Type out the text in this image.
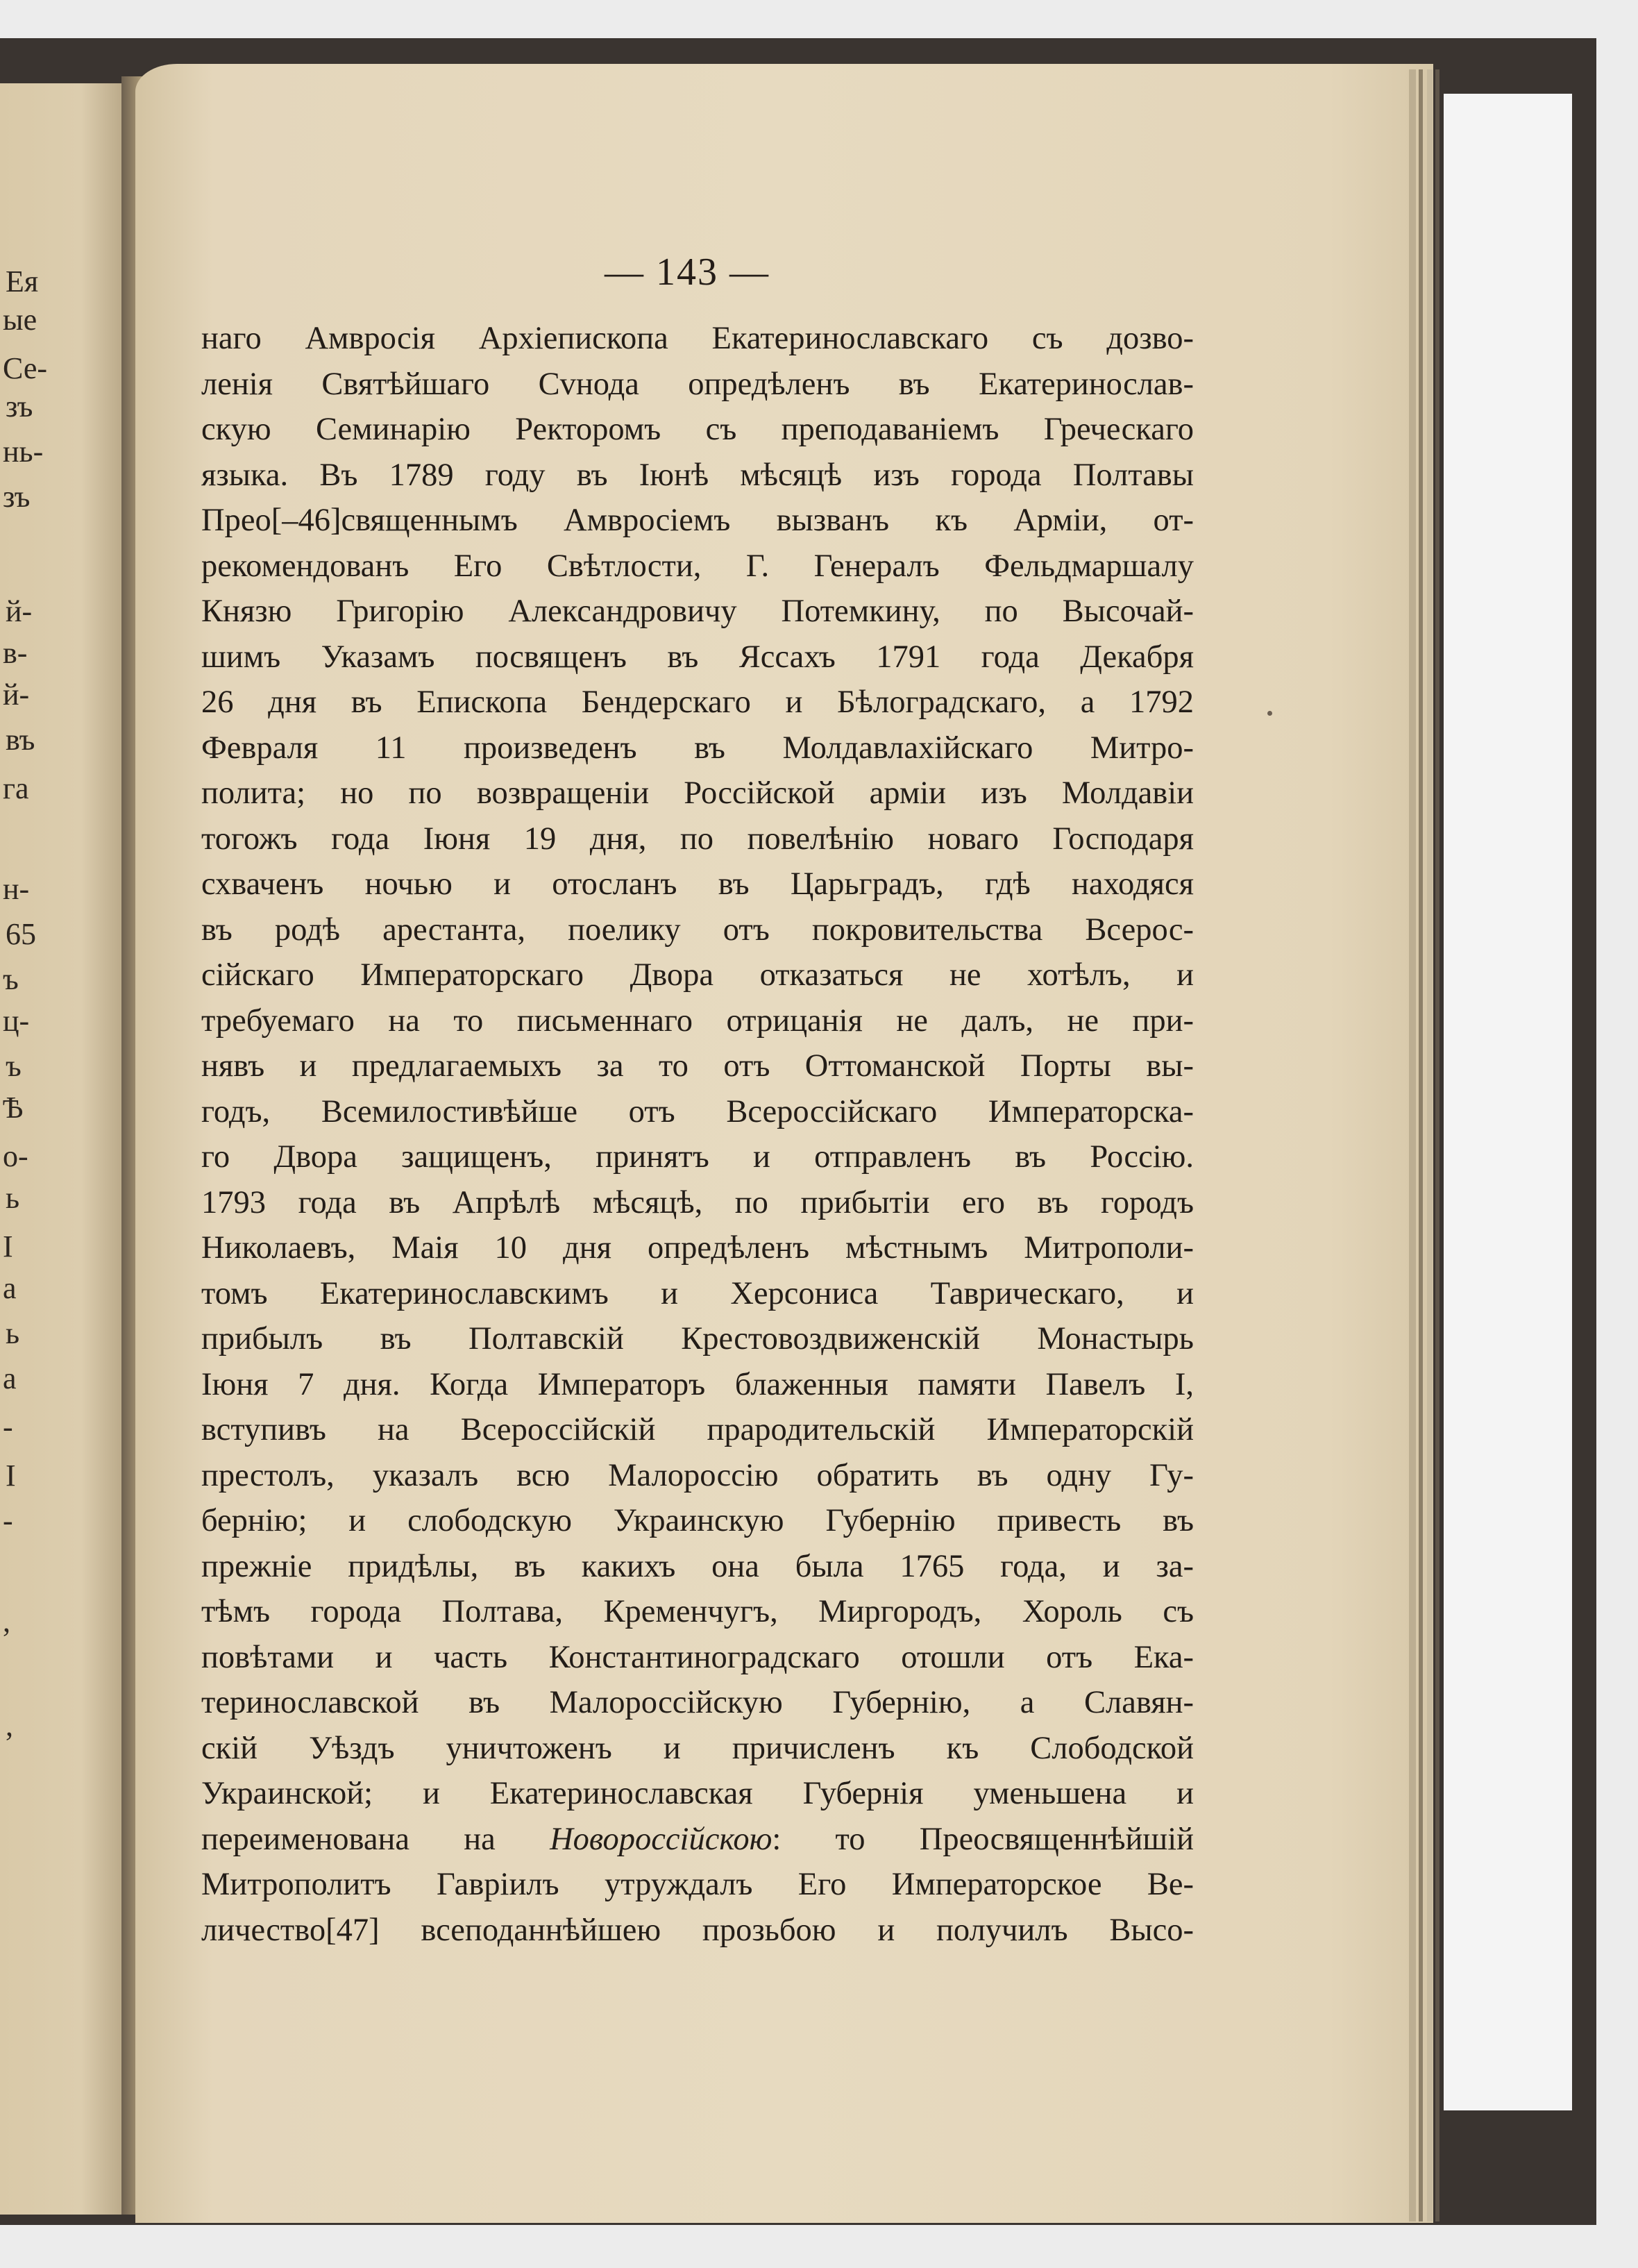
Ея
ые
Се-
зъ
нь-
зъ
й-
в-
й-
въ
га
н-
65
ъ
ц-
ъ
Ѣ
о-
ь
I
а
ь
а
-
I
-
,
,
— 143 —
наго Амвросія Архіепископа Екатеринославскаго съ дозво-
ленія Святѣйшаго Сvнода опредѣленъ въ Екатеринослав-
скую Семинарію Ректоромъ съ преподаваніемъ Греческаго
языка. Въ 1789 году въ Іюнѣ мѣсяцѣ изъ города Полтавы
Прео[–46]священнымъ Амвросіемъ вызванъ къ Арміи, от-
рекомендованъ Его Свѣтлости, Г. Генералъ Фельдмаршалу
Князю Григорію Александровичу Потемкину, по Высочай-
шимъ Указамъ посвященъ въ Яссахъ 1791 года Декабря
26 дня въ Епископа Бендерскаго и Бѣлоградскаго, а 1792
Февраля 11 произведенъ въ Молдавлахійскаго Митро-
полита; но по возвращеніи Россійской арміи изъ Молдавіи
тогожъ года Іюня 19 дня, по повелѣнію новаго Господаря
схваченъ ночью и отосланъ въ Царьградъ, гдѣ находяся
въ родѣ арестанта, поелику отъ покровительства Всерос-
сійскаго Императорскаго Двора отказаться не хотѣлъ, и
требуемаго на то письменнаго отрицанія не далъ, не при-
нявъ и предлагаемыхъ за то отъ Оттоманской Порты вы-
годъ, Всемилостивѣйше отъ Всероссійскаго Императорска-
го Двора защищенъ, принятъ и отправленъ въ Россію.
1793 года въ Апрѣлѣ мѣсяцѣ, по прибытіи его въ городъ
Николаевъ, Маія 10 дня опредѣленъ мѣстнымъ Митрополи-
томъ Екатеринославскимъ и Херсониса Таврическаго, и
прибылъ въ Полтавскій Крестовоздвиженскій Монастырь
Іюня 7 дня. Когда Императоръ блаженныя памяти Павелъ I,
вступивъ на Всероссійскій прародительскій Императорскій
престолъ, указалъ всю Малороссію обратить въ одну Гу-
бернію; и слободскую Украинскую Губернію привесть въ
прежніе придѣлы, въ какихъ она была 1765 года, и за-
тѣмъ города Полтава, Кременчугъ, Миргородъ, Хороль съ
повѣтами и часть Константиноградскаго отошли отъ Ека-
теринославской въ Малороссійскую Губернію, а Славян-
скій Уѣздъ уничтоженъ и причисленъ къ Слободской
Украинской; и Екатеринославская Губернія уменьшена и
переименована на Новороссійскою: то Преосвященнѣйшій
Митрополитъ Гавріилъ утруждалъ Его Императорское Ве-
личество[47] всеподаннѣйшею прозьбою и получилъ Высо-
